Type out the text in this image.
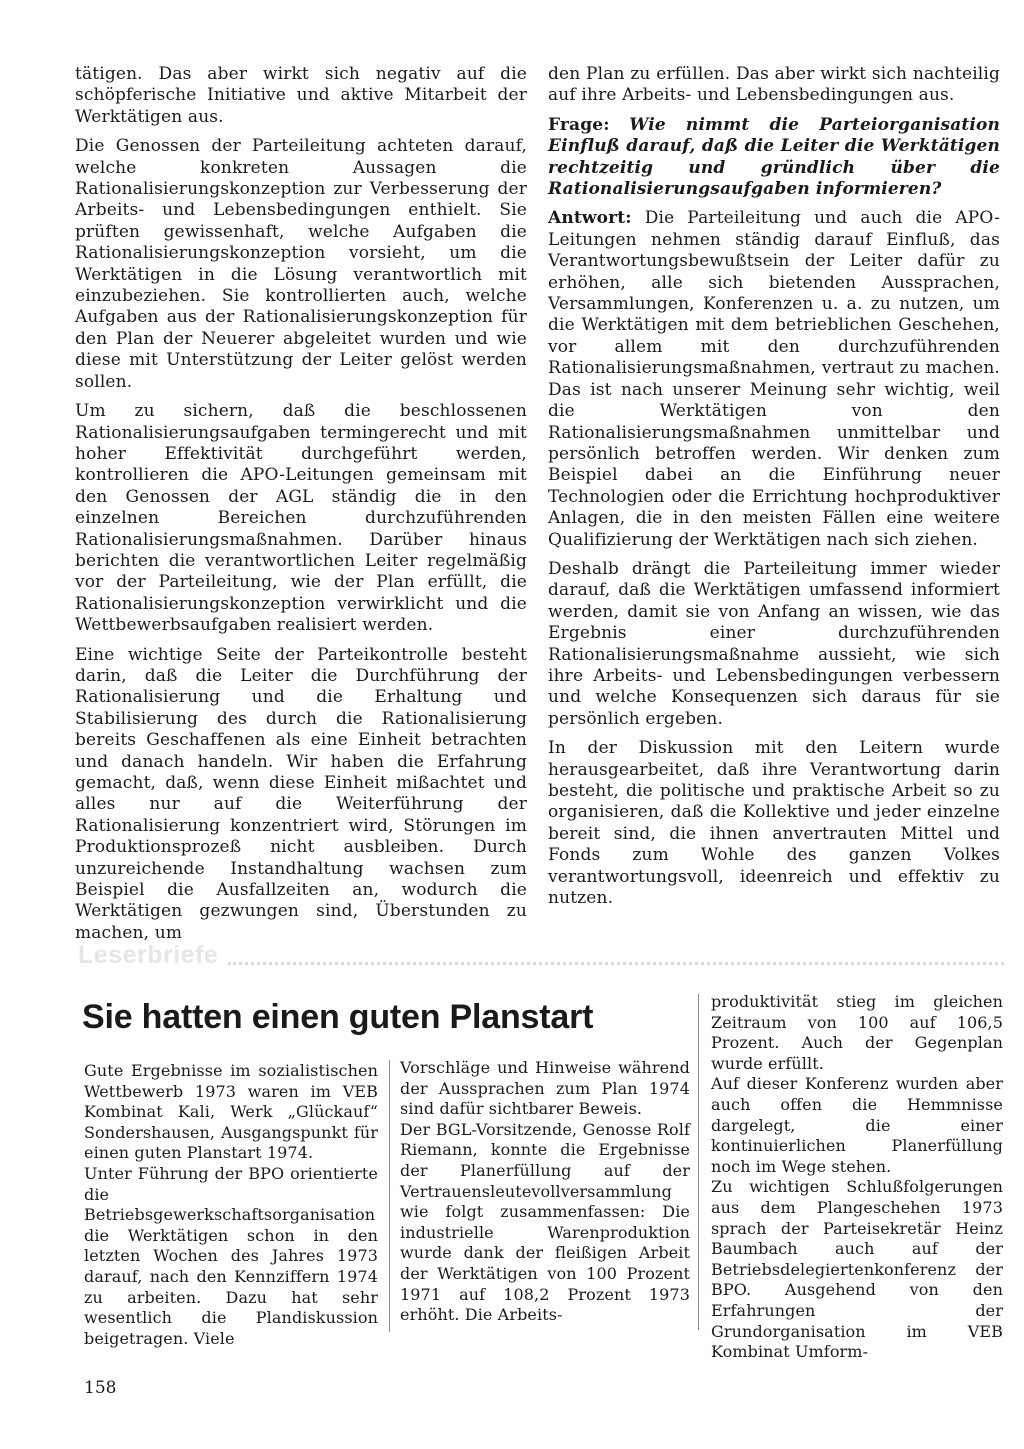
tätigen. Das aber wirkt sich negativ auf die schöpferische Initiative und aktive Mitarbeit der Werktätigen aus.

Die Genossen der Parteileitung achteten darauf, welche konkreten Aussagen die Rationalisierungskonzeption zur Verbesserung der Arbeits- und Lebensbedingungen enthielt. Sie prüften gewissenhaft, welche Aufgaben die Rationalisierungskonzeption vorsieht, um die Werktätigen in die Lösung verantwortlich mit einzubeziehen. Sie kontrollierten auch, welche Aufgaben aus der Rationalisierungskonzeption für den Plan der Neuerer abgeleitet wurden und wie diese mit Unterstützung der Leiter gelöst werden sollen.

Um zu sichern, daß die beschlossenen Rationalisierungsaufgaben termingerecht und mit hoher Effektivität durchgeführt werden, kontrollieren die APO-Leitungen gemeinsam mit den Genossen der AGL ständig die in den einzelnen Bereichen durchzuführenden Rationalisierungsmaßnahmen. Darüber hinaus berichten die verantwortlichen Leiter regelmäßig vor der Parteileitung, wie der Plan erfüllt, die Rationalisierungskonzeption verwirklicht und die Wettbewerbsaufgaben realisiert werden.

Eine wichtige Seite der Parteikontrolle besteht darin, daß die Leiter die Durchführung der Rationalisierung und die Erhaltung und Stabilisierung des durch die Rationalisierung bereits Geschaffenen als eine Einheit betrachten und danach handeln. Wir haben die Erfahrung gemacht, daß, wenn diese Einheit mißachtet und alles nur auf die Weiterführung der Rationalisierung konzentriert wird, Störungen im Produktionsprozeß nicht ausbleiben. Durch unzureichende Instandhaltung wachsen zum Beispiel die Ausfallzeiten an, wodurch die Werktätigen gezwungen sind, Überstunden zu machen, um

den Plan zu erfüllen. Das aber wirkt sich nachteilig auf ihre Arbeits- und Lebensbedingungen aus.

Frage: Wie nimmt die Parteiorganisation Einfluß darauf, daß die Leiter die Werktätigen rechtzeitig und gründlich über die Rationalisierungsaufgaben informieren?

Antwort: Die Parteileitung und auch die APO-Leitungen nehmen ständig darauf Einfluß, das Verantwortungsbewußtsein der Leiter dafür zu erhöhen, alle sich bietenden Aussprachen, Versammlungen, Konferenzen u. a. zu nutzen, um die Werktätigen mit dem betrieblichen Geschehen, vor allem mit den durchzuführenden Rationalisierungsmaßnahmen, vertraut zu machen. Das ist nach unserer Meinung sehr wichtig, weil die Werktätigen von den Rationalisierungsmaßnahmen unmittelbar und persönlich betroffen werden. Wir denken zum Beispiel dabei an die Einführung neuer Technologien oder die Errichtung hochproduktiver Anlagen, die in den meisten Fällen eine weitere Qualifizierung der Werktätigen nach sich ziehen.

Deshalb drängt die Parteileitung immer wieder darauf, daß die Werktätigen umfassend informiert werden, damit sie von Anfang an wissen, wie das Ergebnis einer durchzuführenden Rationalisierungsmaßnahme aussieht, wie sich ihre Arbeits- und Lebensbedingungen verbessern und welche Konsequenzen sich daraus für sie persönlich ergeben.

In der Diskussion mit den Leitern wurde herausgearbeitet, daß ihre Verantwortung darin besteht, die politische und praktische Arbeit so zu organisieren, daß die Kollektive und jeder einzelne bereit sind, die ihnen anvertrauten Mittel und Fonds zum Wohle des ganzen Volkes verantwortungsvoll, ideenreich und effektiv zu nutzen.

Leserbriefe
Sie hatten einen guten Planstart

Gute Ergebnisse im sozialistischen Wettbewerb 1973 waren im VEB Kombinat Kali, Werk „Glückauf“ Sondershausen, Ausgangspunkt für einen guten Planstart 1974.

Unter Führung der BPO orientierte die Betriebsgewerkschaftsorganisation die Werktätigen schon in den letzten Wochen des Jahres 1973 darauf, nach den Kennziffern 1974 zu arbeiten. Dazu hat sehr wesentlich die Plandiskussion beigetragen. Viele

Vorschläge und Hinweise während der Aussprachen zum Plan 1974 sind dafür sichtbarer Beweis.

Der BGL-Vorsitzende, Genosse Rolf Riemann, konnte die Ergebnisse der Planerfüllung auf der Vertrauensleutevollversammlung wie folgt zusammenfassen: Die industrielle Warenproduktion wurde dank der fleißigen Arbeit der Werktätigen von 100 Prozent 1971 auf 108,2 Prozent 1973 erhöht. Die Arbeits-

produktivität stieg im gleichen Zeitraum von 100 auf 106,5 Prozent. Auch der Gegenplan wurde erfüllt.

Auf dieser Konferenz wurden aber auch offen die Hemmnisse dargelegt, die einer kontinuierlichen Planerfüllung noch im Wege stehen.

Zu wichtigen Schlußfolgerungen aus dem Plangeschehen 1973 sprach der Parteisekretär Heinz Baumbach auch auf der Betriebsdelegiertenkonferenz der BPO. Ausgehend von den Erfahrungen der Grundorganisation im VEB Kombinat Umform-

158
